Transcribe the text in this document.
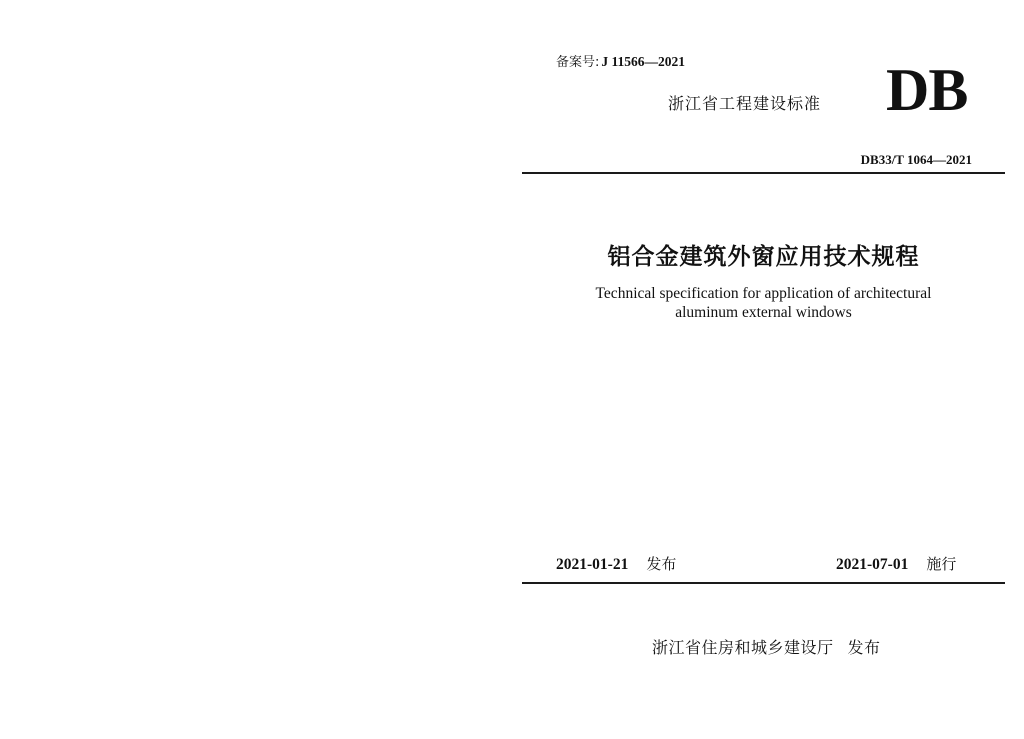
备案号: J 11566—2021
浙江省工程建设标准 DB
DB33/T 1064—2021
铝合金建筑外窗应用技术规程
Technical specification for application of architectural
aluminum external windows
2021-01-21 发布	2021-07-01 施行
浙江省住房和城乡建设厅 发布
